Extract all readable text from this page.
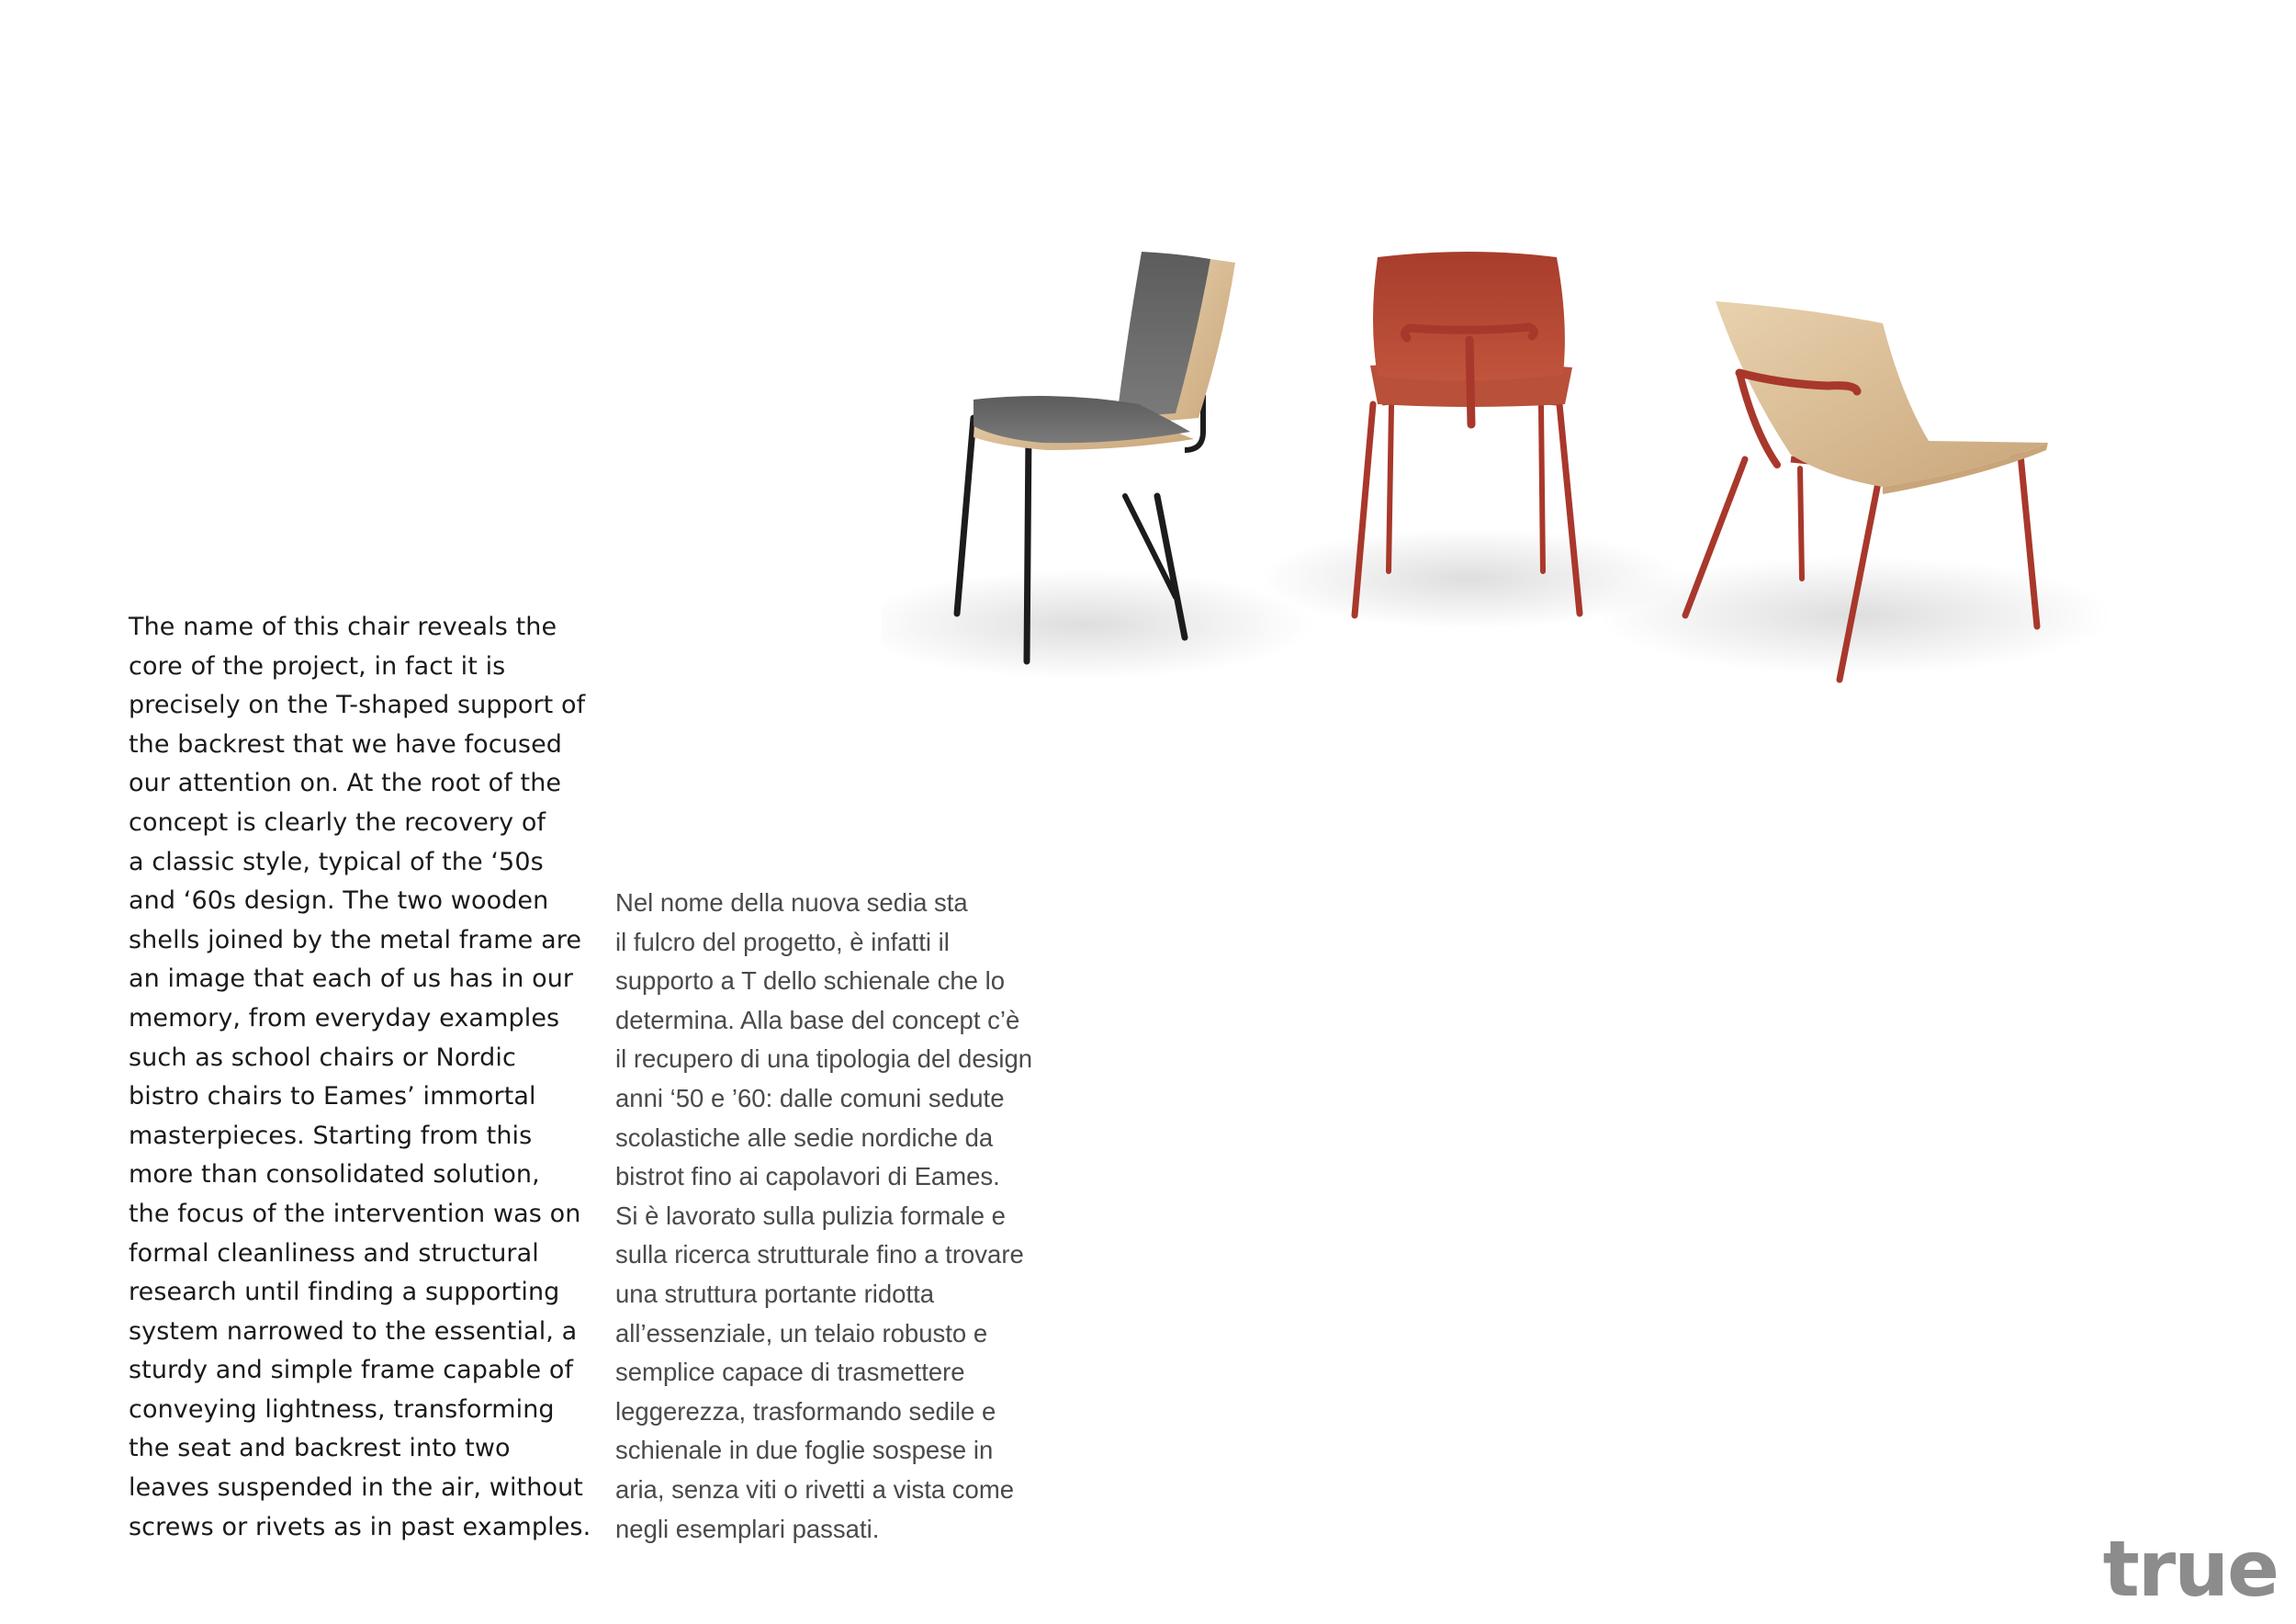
The name of this chair reveals the
core of the project, in fact it is
precisely on the T-shaped support of
the backrest that we have focused
our attention on. At the root of the
concept is clearly the recovery of
a classic style, typical of the ‘50s
and ‘60s design. The two wooden
shells joined by the metal frame are
an image that each of us has in our
memory, from everyday examples
such as school chairs or Nordic
bistro chairs to Eames’ immortal
masterpieces. Starting from this
more than consolidated solution,
the focus of the intervention was on
formal cleanliness and structural
research until finding a supporting
system narrowed to the essential, a
sturdy and simple frame capable of
conveying lightness, transforming
the seat and backrest into two
leaves suspended in the air, without
screws or rivets as in past examples.
Nel nome della nuova sedia sta
il fulcro del progetto, è infatti il
supporto a T dello schienale che lo
determina. Alla base del concept c’è
il recupero di una tipologia del design
anni ‘50 e ’60: dalle comuni sedute
scolastiche alle sedie nordiche da
bistrot fino ai capolavori di Eames.
Si è lavorato sulla pulizia formale e
sulla ricerca strutturale fino a trovare
una struttura portante ridotta
all’essenziale, un telaio robusto e
semplice capace di trasmettere
leggerezza, trasformando sedile e
schienale in due foglie sospese in
aria, senza viti o rivetti a vista come
negli esemplari passati.	true
